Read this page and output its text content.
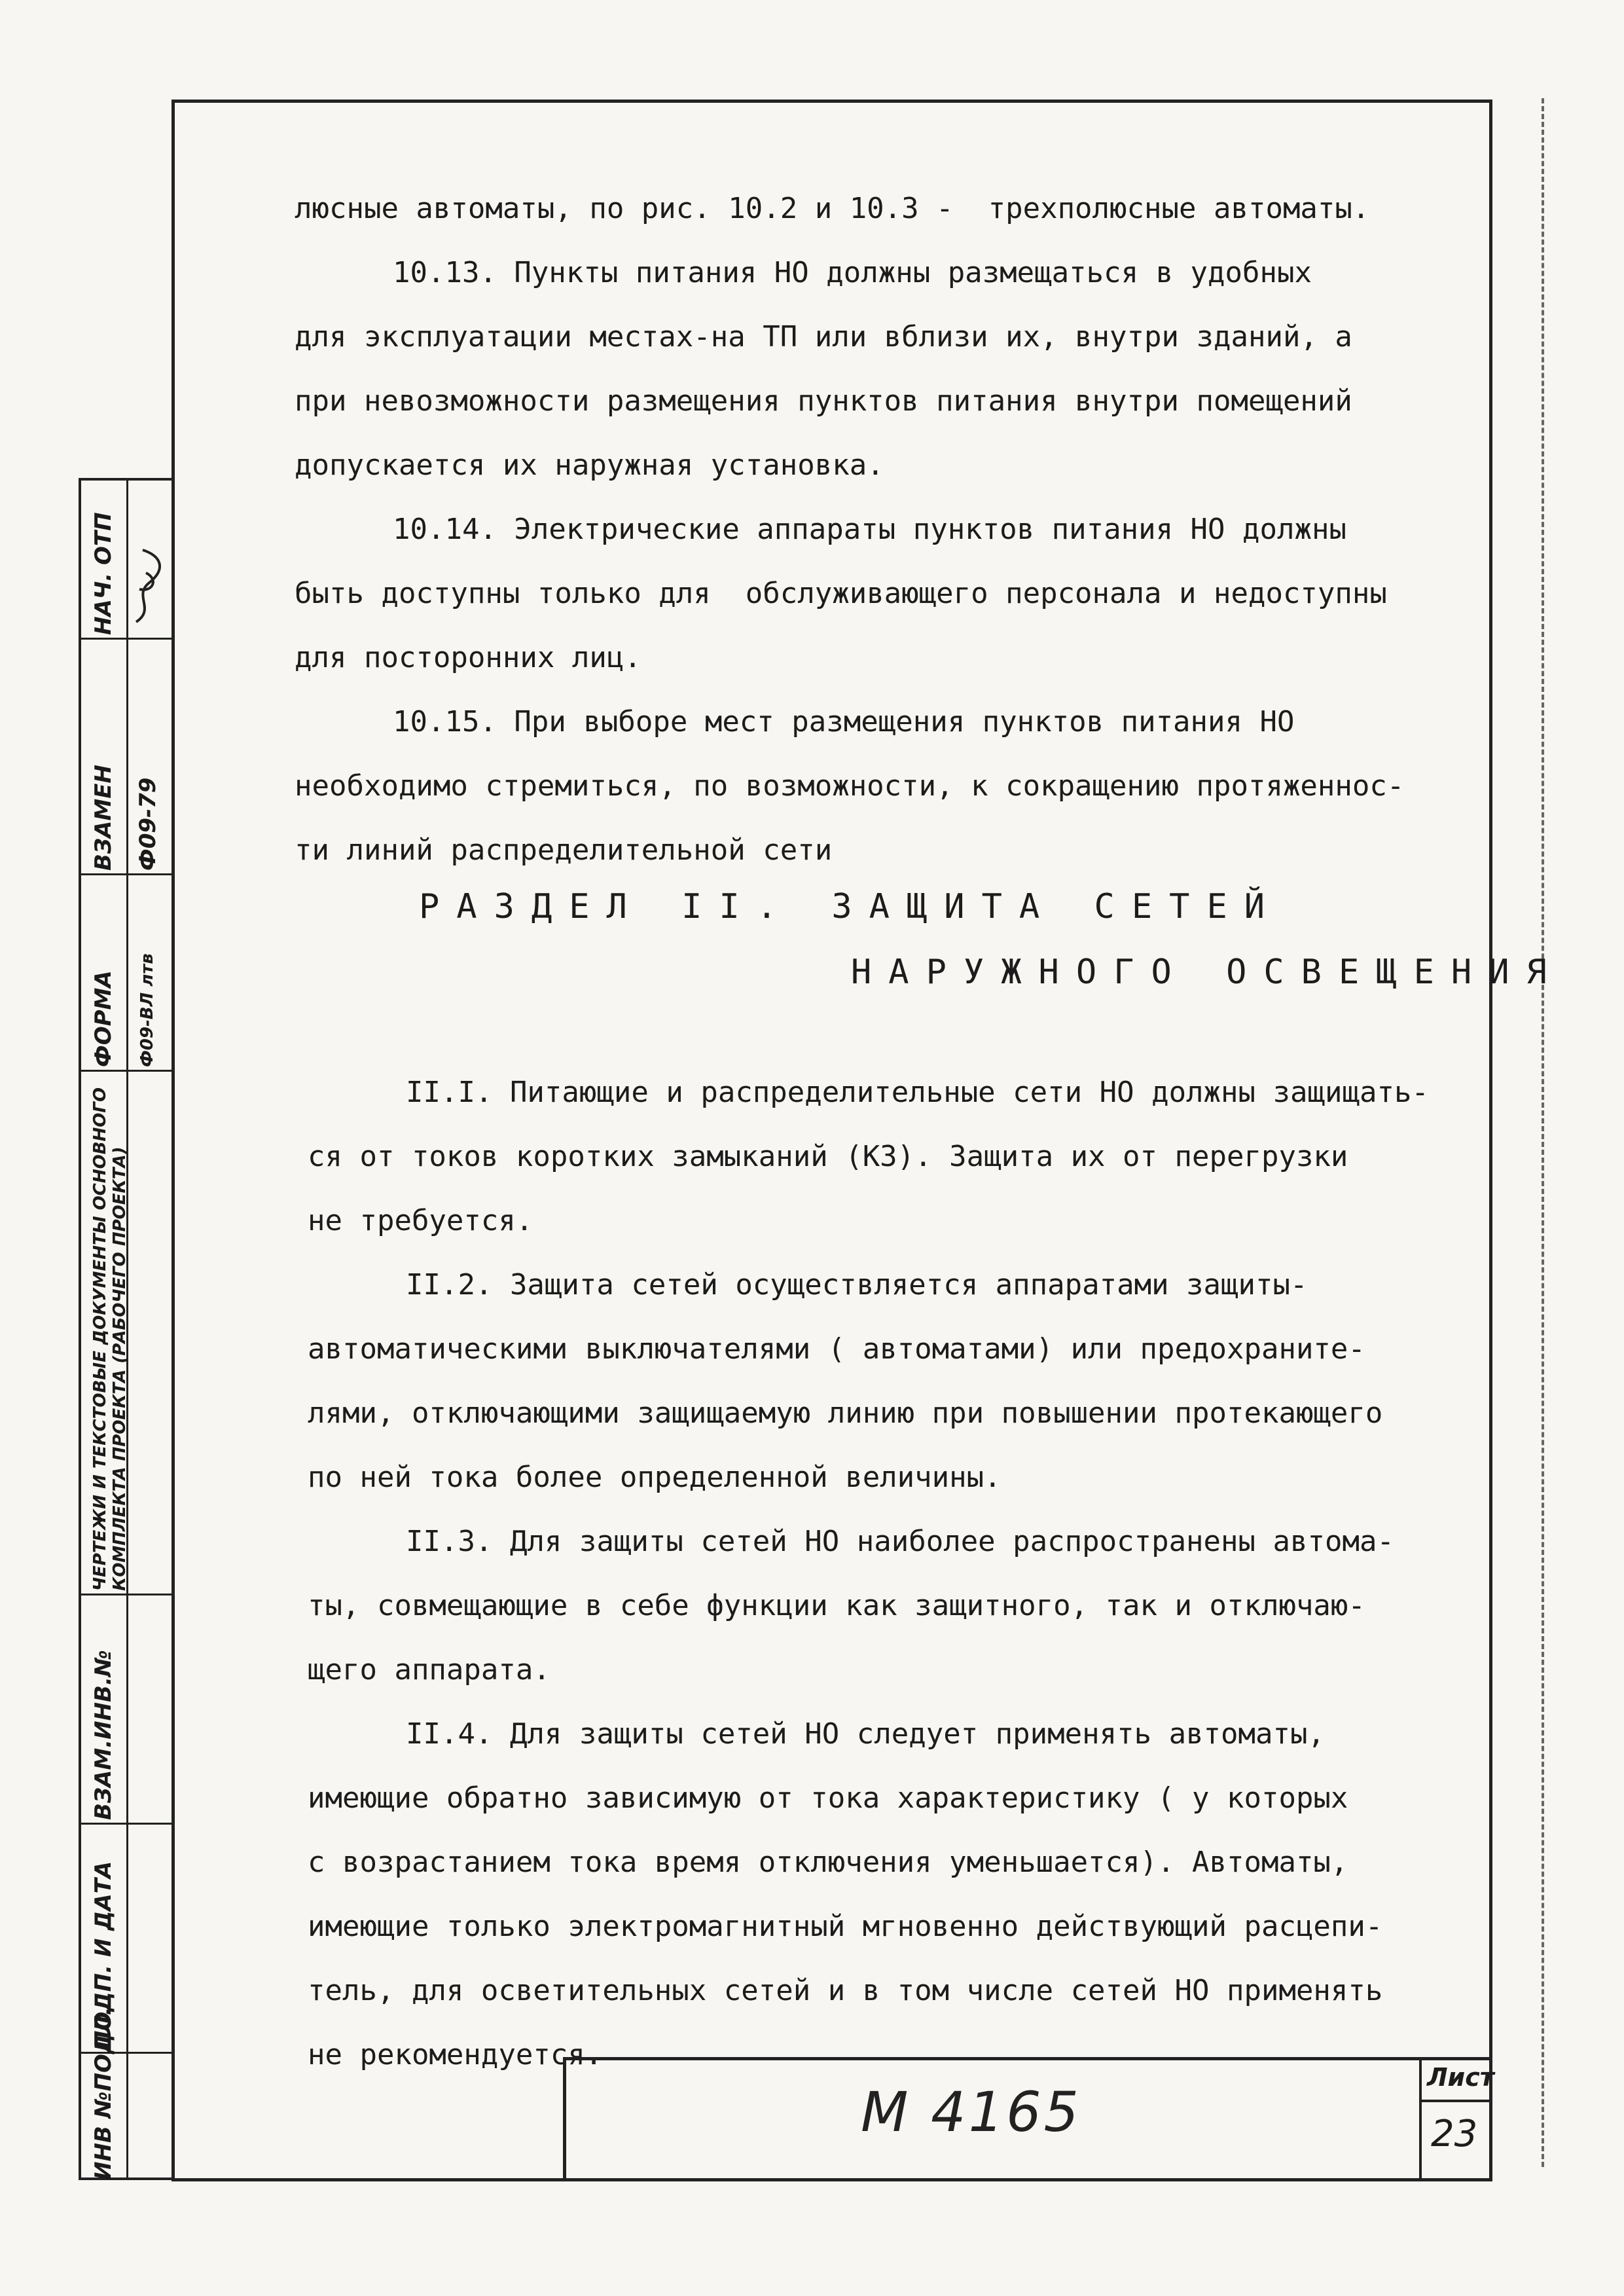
НАЧ. ОТП
ВЗАМЕН Ф09-79
ФОРМА Ф09-ВЛ лтв
ЧЕРТЕЖИ И ТЕКСТОВЫЕ ДОКУМЕНТЫ ОСНОВНОГО КОМПЛЕКТА ПРОЕКТА (РАБОЧЕГО ПРОЕКТА)
ВЗАМ.ИНВ.№
ПОДП. И ДАТА
ИНВ №ПОДЛ.

люсные автоматы, по рис. 10.2 и 10.3 -  трехполюсные автоматы.

10.13. Пункты питания НО должны размещаться в удобных

для эксплуатации местах-на ТП или вблизи их, внутри зданий, а

при невозможности размещения пунктов питания внутри помещений

допускается их наружная установка.

10.14. Электрические аппараты пунктов питания НО должны

быть доступны только для  обслуживающего персонала и недоступны

для посторонних лиц.

10.15. При выборе мест размещения пунктов питания НО

необходимо стремиться, по возможности, к сокращению протяженнос-

ти линий распределительной сети

РАЗДЕЛ II. ЗАЩИТА СЕТЕЙ
НАРУЖНОГО ОСВЕЩЕНИЯ

II.I. Питающие и распределительные сети НО должны защищать-

ся от токов коротких замыканий (КЗ). Защита их от перегрузки

не требуется.

II.2. Защита сетей осуществляется аппаратами защиты-

автоматическими выключателями ( автоматами) или предохраните-

лями, отключающими защищаемую линию при повышении протекающего

по ней тока более определенной величины.

II.3. Для защиты сетей НО наиболее распространены автома-

ты, совмещающие в себе функции как защитного, так и отключаю-

щего аппарата.

II.4. Для защиты сетей НО следует применять автоматы,

имеющие обратно зависимую от тока характеристику ( у которых

с возрастанием тока время отключения уменьшается). Автоматы,

имеющие только электромагнитный мгновенно действующий расцепи-

тель, для осветительных сетей и в том числе сетей НО применять

не рекомендуется.

М 4165
Лист
23
